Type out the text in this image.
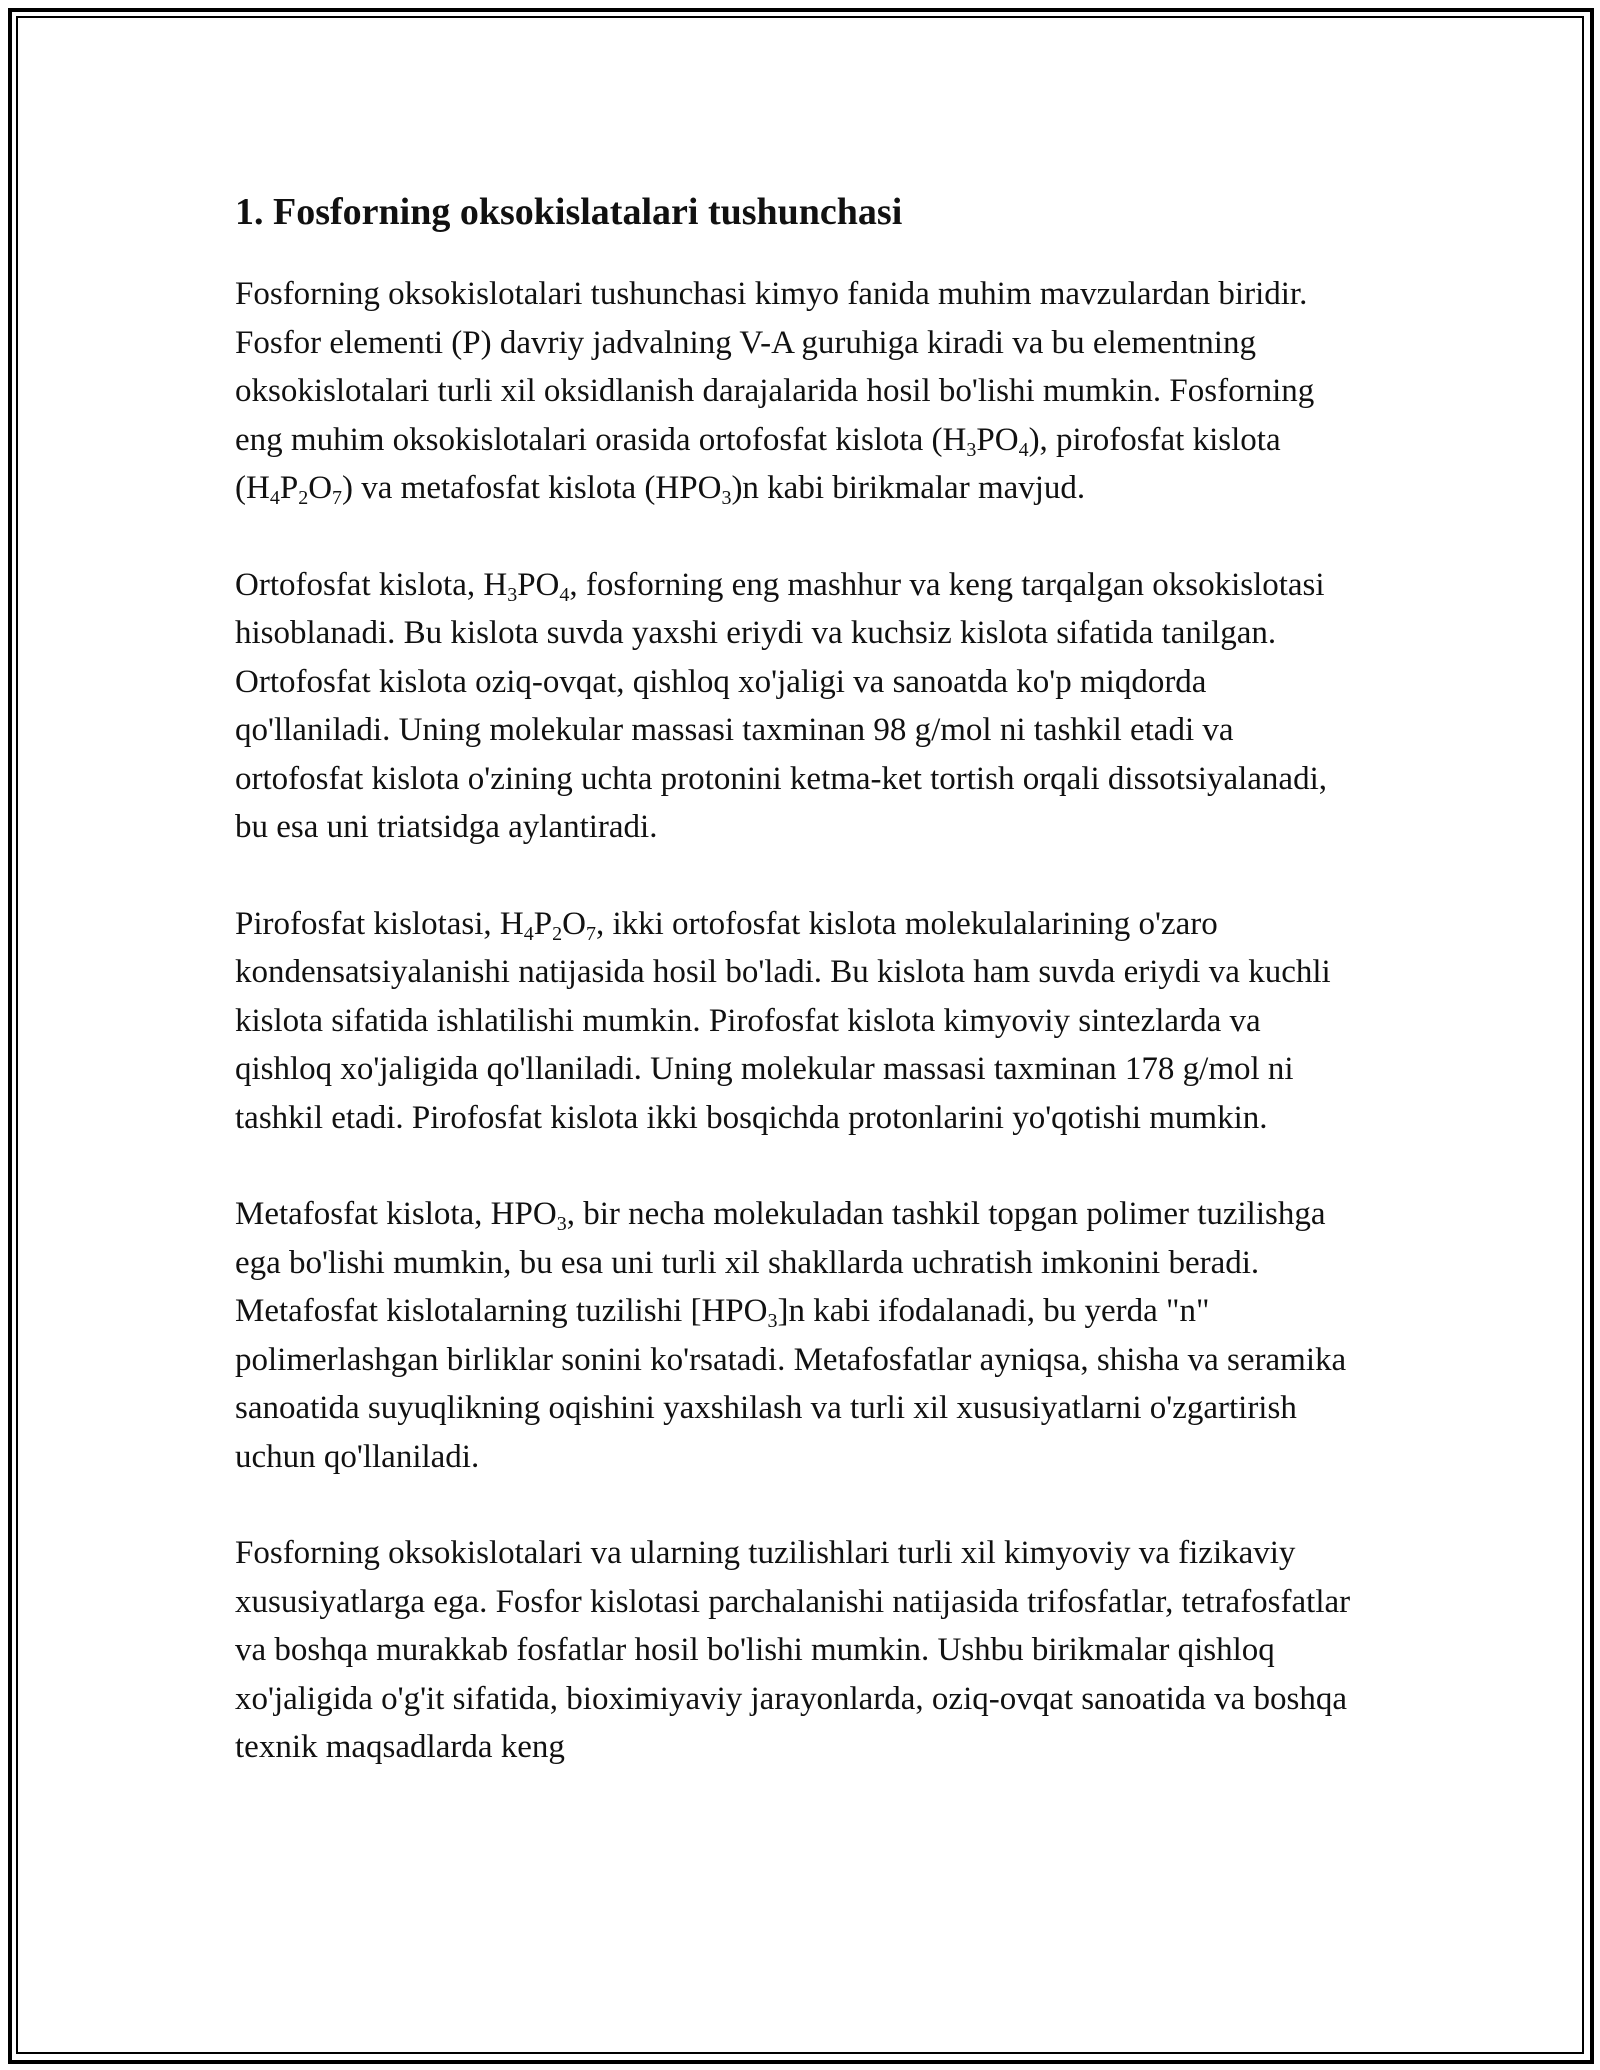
1. Fosforning oksokislatalari tushunchasi

Fosforning oksokislotalari tushunchasi kimyo fanida muhim mavzulardan biridir. Fosfor elementi (P) davriy jadvalning V-A guruhiga kiradi va bu elementning oksokislotalari turli xil oksidlanish darajalarida hosil bo'lishi mumkin. Fosforning eng muhim oksokislotalari orasida ortofosfat kislota $(H_3PO_4)$, pirofosfat kislota $(H_4P_2O_7)$ va metafosfat kislota $(HPO_3)n$ kabi birikmalar mavjud.

Ortofosfat kislota, $H_3PO_4$, fosforning eng mashhur va keng tarqalgan oksokislotasi hisoblanadi. Bu kislota suvda yaxshi eriydi va kuchsiz kislota sifatida tanilgan. Ortofosfat kislota oziq-ovqat, qishloq xo'jaligi va sanoatda ko'p miqdorda qo'llaniladi. Uning molekular massasi taxminan 98 g/mol ni tashkil etadi va ortofosfat kislota o'zining uchta protonini ketma-ket tortish orqali dissotsiyalanadi, bu esa uni triatsidga aylantiradi.

Pirofosfat kislotasi, $H_4P_2O_7$, ikki ortofosfat kislota molekulalarining o'zaro kondensatsiyalanishi natijasida hosil bo'ladi. Bu kislota ham suvda eriydi va kuchli kislota sifatida ishlatilishi mumkin. Pirofosfat kislota kimyoviy sintezlarda va qishloq xo'jaligida qo'llaniladi. Uning molekular massasi taxminan 178 g/mol ni tashkil etadi. Pirofosfat kislota ikki bosqichda protonlarini yo'qotishi mumkin.

Metafosfat kislota, $HPO_3$, bir necha molekuladan tashkil topgan polimer tuzilishga ega bo'lishi mumkin, bu esa uni turli xil shakllarda uchratish imkonini beradi. Metafosfat kislotalarning tuzilishi $[HPO_3]n$ kabi ifodalanadi, bu yerda "n" polimerlashgan birliklar sonini ko'rsatadi. Metafosfatlar ayniqsa, shisha va seramika sanoatida suyuqlikning oqishini yaxshilash va turli xil xususiyatlarni o'zgartirish uchun qo'llaniladi.

Fosforning oksokislotalari va ularning tuzilishlari turli xil kimyoviy va fizikaviy xususiyatlarga ega. Fosfor kislotasi parchalanishi natijasida trifosfatlar, tetrafosfatlar va boshqa murakkab fosfatlar hosil bo'lishi mumkin. Ushbu birikmalar qishloq xo'jaligida o'g'it sifatida, bioximiyaviy jarayonlarda, oziq-ovqat sanoatida va boshqa texnik maqsadlarda keng
